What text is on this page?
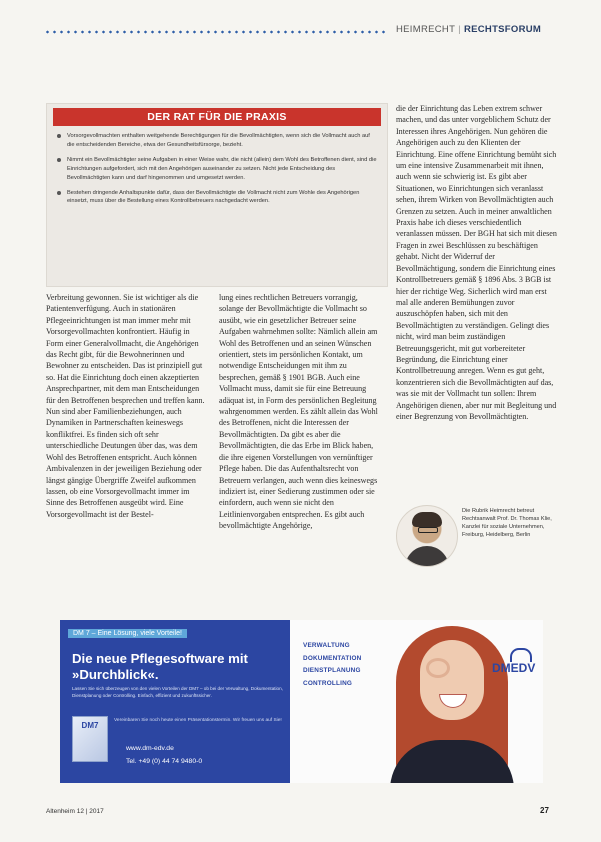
HEIMRECHT | RECHTSFORUM
DER RAT FÜR DIE PRAXIS
Vorsorgevollmachten enthalten weitgehende Berechtigungen für die Bevollmächtigten, wenn sich die Vollmacht auch auf die entscheidenden Bereiche, etwa der Gesundheitsfürsorge, bezieht.
Nimmt ein Bevollmächtigter seine Aufgaben in einer Weise wahr, die nicht (allein) dem Wohl des Betroffenen dient, sind die Einrichtungen aufgefordert, sich mit den Angehörigen auseinander zu setzen. Nicht jede Entscheidung des Bevollmächtigten kann und darf hingenommen und umgesetzt werden.
Bestehen dringende Anhaltspunkte dafür, dass der Bevollmächtigte die Vollmacht nicht zum Wohle des Angehörigen einsetzt, muss über die Bestellung eines Kontrollbetreuers nachgedacht werden.

Verbreitung gewonnen. Sie ist wichtiger als die Patientenverfügung. Auch in stationären Pflegeeinrichtungen ist man immer mehr mit Vorsorgevollmachten konfrontiert. Häufig in Form einer Generalvollmacht, die Angehörigen das Recht gibt, für die Bewohnerinnen und Bewohner zu entscheiden. Das ist prinzipiell gut so. Hat die Einrichtung doch einen akzeptierten Ansprechpartner, mit dem man Entscheidungen für den Betroffenen besprechen und treffen kann. Nun sind aber Familienbeziehungen, auch Dynamiken in Partnerschaften keineswegs konfliktfrei. Es finden sich oft sehr unterschiedliche Deutungen über das, was dem Wohl des Betroffenen entspricht. Auch können Ambivalenzen in der jeweiligen Beziehung oder längst gängige Übergriffe Zweifel aufkommen lassen, ob eine Vorsorgevollmacht immer im Sinne des Betroffenen ausgeübt wird. Eine Vorsorgevollmacht ist der Bestel-

lung eines rechtlichen Betreuers vorrangig, solange der Bevollmächtigte die Vollmacht so ausübt, wie ein gesetzlicher Betreuer seine Aufgaben wahrnehmen sollte: Nämlich allein am Wohl des Betroffenen und an seinen Wünschen orientiert, stets im persönlichen Kontakt, um notwendige Entscheidungen mit ihm zu besprechen, gemäß § 1901 BGB. Auch eine Vollmacht muss, damit sie für eine Betreuung adäquat ist, in Form des persönlichen Begleitung wahrgenommen werden. Es zählt allein das Wohl des Betroffenen, nicht die Interessen der Bevollmächtigten. Da gibt es aber die Bevollmächtigten, die das Erbe im Blick haben, die ihre eigenen Vorstellungen von vernünftiger Pflege haben. Die das Aufenthaltsrecht von Betreuern verlangen, auch wenn dies keineswegs indiziert ist, einer Sedierung zustimmen oder sie einfordern, auch wenn sie nicht den Leitlinienvorgaben entsprechen. Es gibt auch bevollmächtigte Angehörige,

die der Einrichtung das Leben extrem schwer machen, und das unter vorgeblichem Schutz der Interessen ihres Angehörigen. Nun gehören die Angehörigen auch zu den Klienten der Einrichtung. Eine offene Einrichtung bemüht sich um eine intensive Zusammenarbeit mit ihnen, auch wenn sie schwierig ist. Es gibt aber Situationen, wo Einrichtungen sich veranlasst sehen, ihrem Wirken von Bevollmächtigten auch Grenzen zu setzen. Auch in meiner anwaltlichen Praxis habe ich dieses verschiedentlich veranlassen müssen. Der BGH hat sich mit diesen Fragen in zwei Beschlüssen zu beschäftigen gehabt. Nicht der Widerruf der Bevollmächtigung, sondern die Einrichtung eines Kontrollbetreuers gemäß § 1896 Abs. 3 BGB ist hier der richtige Weg. Sicherlich wird man erst mal alle anderen Bemühungen zuvor auszuschöpfen haben, sich mit den Bevollmächtigten zu verständigen. Gelingt dies nicht, wird man beim zuständigen Betreuungsgericht, mit gut vorbereiteter Begründung, die Einrichtung einer Kontrollbetreuung anregen. Wenn es gut geht, konzentrieren sich die Bevollmächtigten auf das, was sie mit der Vollmacht tun sollen: Ihrem Angehörigen dienen, aber nur mit Begleitung und einer Begrenzung von Bevollmächtigten.

Die Rubrik Heimrecht betreut Rechtsanwalt Prof. Dr. Thomas Klie, Kanzlei für soziale Unternehmen, Freiburg, Heidelberg, Berlin
DM 7 – Eine Lösung, viele Vorteile!
Die neue Pflegesoftware mit »Durchblick«.
Lassen Sie sich überzeugen von den vielen Vorteilen der DM7 – ob bei der Verwaltung, Dokumentation, Dienstplanung oder Controlling. Einfach, effizient und zukunftssicher.
DM7
Vereinbaren Sie noch heute einen Präsentationstermin. Wir freuen uns auf Sie!
www.dm-edv.de
Tel. +49 (0) 44 74 9480-0
VERWALTUNG
DOKUMENTATION
DIENSTPLANUNG
CONTROLLING
DMEDV
Altenheim 12 | 2017	27
